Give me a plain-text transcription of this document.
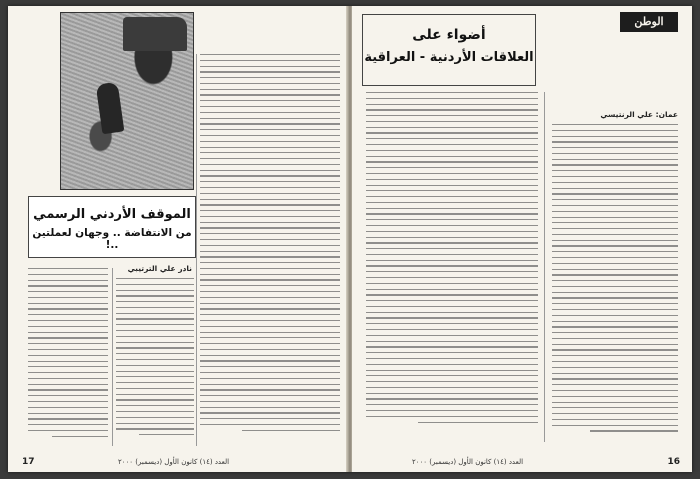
الموقف الأردني الرسمي
من الانتفاضة .. وجهان لعملتين ..!
نادر علي الترتيبي
العدد (١٤) كانون الأول (ديسمبر) ٢٠٠٠
17
الوطن
أضواء على
العلاقات الأردنية - العراقية
عمان: علي الرنتيسي
العدد (١٤) كانون الأول (ديسمبر) ٢٠٠٠	16
